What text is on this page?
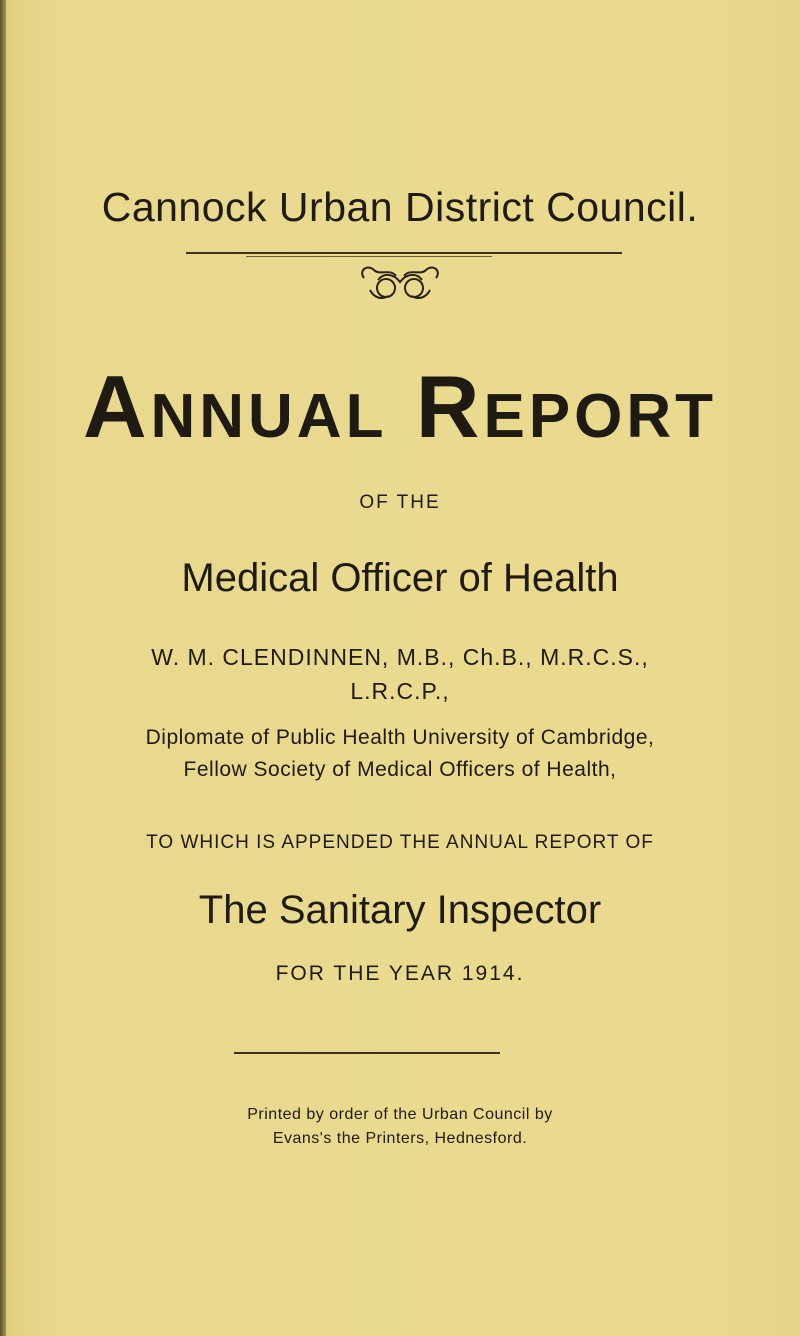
Cannock Urban District Council.
Annual Report
OF THE
Medical Officer of Health
W. M. CLENDINNEN, M.B., Ch.B., M.R.C.S.,
L.R.C.P.,
Diplomate of Public Health University of Cambridge,
Fellow Society of Medical Officers of Health,
TO WHICH IS APPENDED THE ANNUAL REPORT OF
The Sanitary Inspector
FOR THE YEAR 1914.
Printed by order of the Urban Council by
Evans's the Printers, Hednesford.
